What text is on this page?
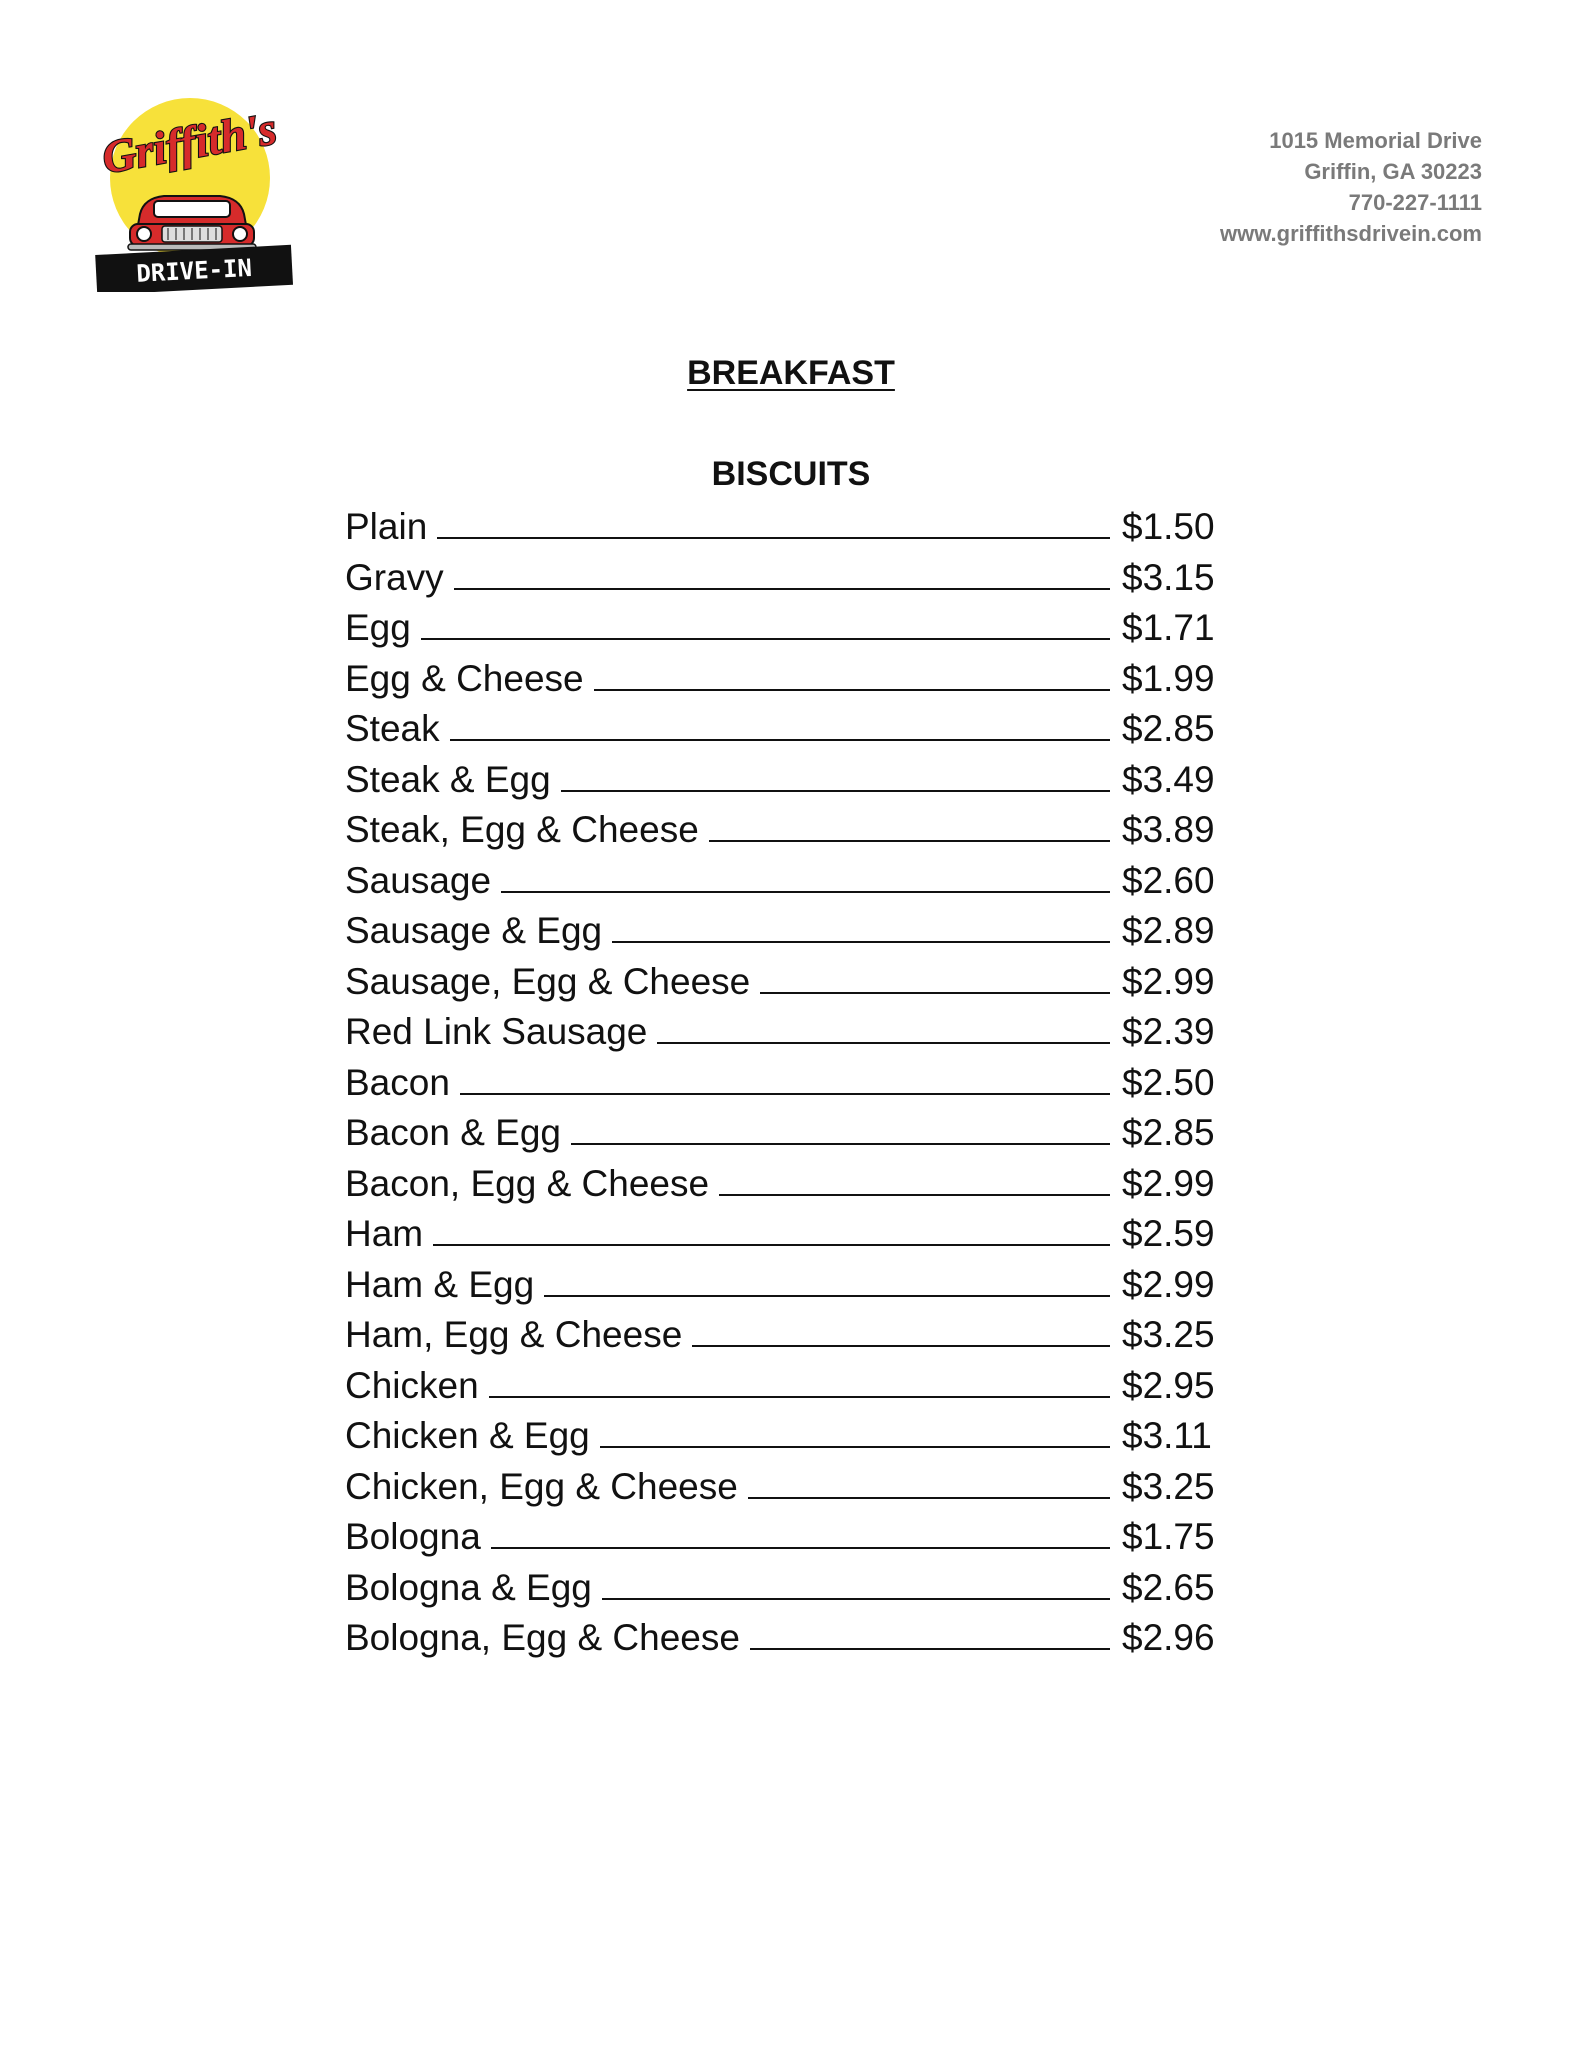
Griffith's
DRIVE-IN
1015 Memorial Drive
Griffin, GA 30223
770-227-1111
www.griffithsdrivein.com
BREAKFAST
BISCUITS
Plain	$1.50
Gravy	$3.15
Egg	$1.71
Egg & Cheese	$1.99
Steak	$2.85
Steak & Egg	$3.49
Steak, Egg & Cheese	$3.89
Sausage	$2.60
Sausage & Egg	$2.89
Sausage, Egg & Cheese	$2.99
Red Link Sausage	$2.39
Bacon	$2.50
Bacon & Egg	$2.85
Bacon, Egg & Cheese	$2.99
Ham	$2.59
Ham & Egg	$2.99
Ham, Egg & Cheese	$3.25
Chicken	$2.95
Chicken & Egg	$3.11
Chicken, Egg & Cheese	$3.25
Bologna	$1.75
Bologna & Egg	$2.65
Bologna, Egg & Cheese	$2.96
